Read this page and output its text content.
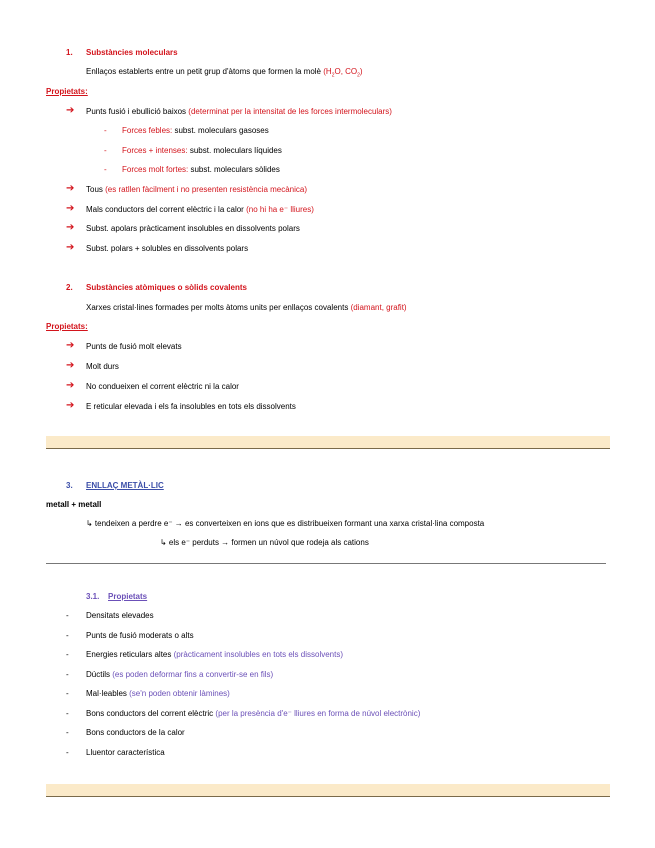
1. Substàncies moleculars
Enllaços establerts entre un petit grup d'àtoms que formen la molè ($H_2O$, $CO_2$)
Propietats:
➔ Punts fusió i ebullició baixos (determinat per la intensitat de les forces intermoleculars)
- Forces febles: subst. moleculars gasoses
- Forces + intenses: subst. moleculars líquides
- Forces molt fortes: subst. moleculars sòlides
➔ Tous (es ratllen fàcilment i no presenten resistència mecànica)
➔ Mals conductors del corrent elèctric i la calor (no hi ha e⁻ lliures)
➔ Subst. apolars pràcticament insolubles en dissolvents polars
➔ Subst. polars + solubles en dissolvents polars
2. Substàncies atòmiques o sòlids covalents
Xarxes cristal·lines formades per molts àtoms units per enllaços covalents (diamant, grafit)
Propietats:
➔ Punts de fusió molt elevats
➔ Molt durs
➔ No condueixen el corrent elèctric ni la calor
➔ E reticular elevada i els fa insolubles en tots els dissolvents
3. ENLLAÇ METÀL·LIC
metall + metall
↳ tendeixen a perdre e⁻ → es converteixen en ions que es distribueixen formant una xarxa cristal·lina composta
↳ els e⁻ perduts → formen un núvol que rodeja als cations
3.1. Propietats
- Densitats elevades
- Punts de fusió moderats o alts
- Energies reticulars altes (pràcticament insolubles en tots els dissolvents)
- Dúctils (es poden deformar fins a convertir-se en fils)
- Mal·leables (se'n poden obtenir làmines)
- Bons conductors del corrent elèctric (per la presència d'e⁻ lliures en forma de núvol electrònic)
- Bons conductors de la calor
- Lluentor característica
